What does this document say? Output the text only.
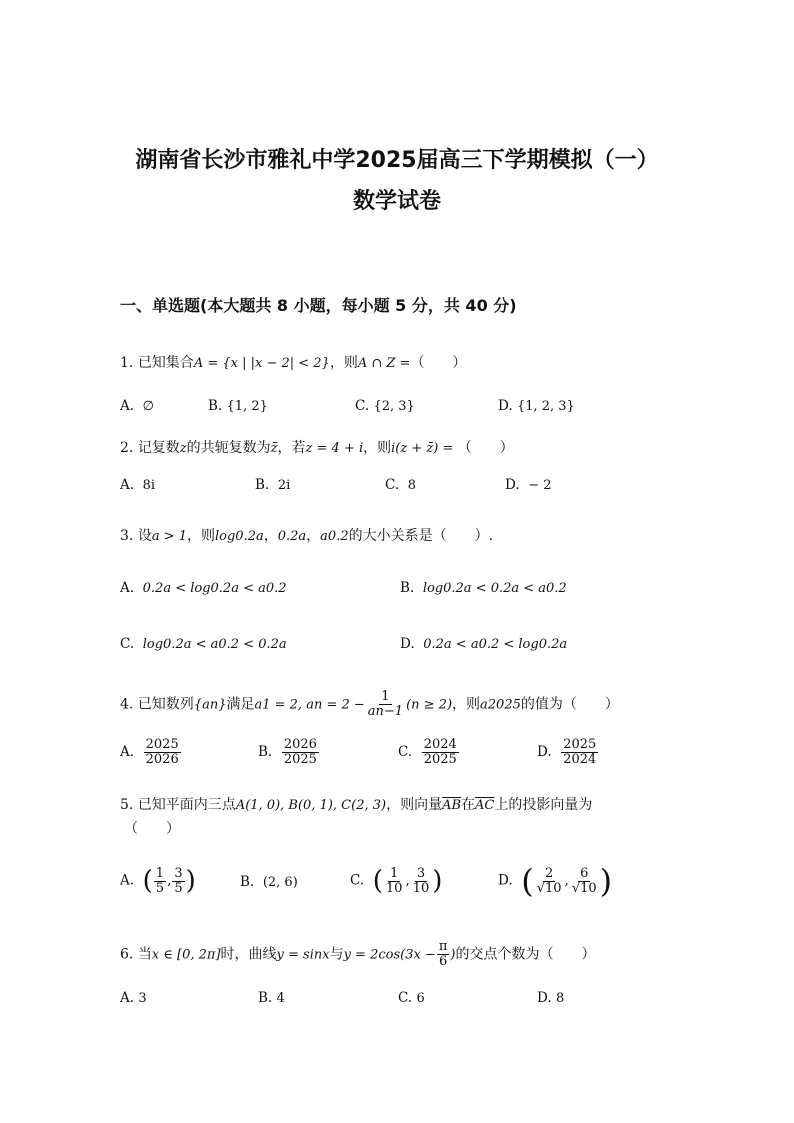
湖南省长沙市雅礼中学2025届高三下学期模拟（一）
数学试卷
一、单选题(本大题共 8 小题，每小题 5 分，共 40 分)
1. 已知集合A = {x | |x − 2| < 2}，则A ∩ Z =（　　）
A. ∅	B. {1, 2}	C. {2, 3}	D. {1, 2, 3}
2. 记复数z的共轭复数为z̄，若z = 4 + i，则i(z + z̄) = （　　）
A. 8i	B. 2i	C. 8	D. − 2
3. 设a > 1，则log0.2a，0.2a，a0.2的大小关系是（　　）.
A. 0.2a < log0.2a < a0.2	B. log0.2a < 0.2a < a0.2
C. log0.2a < a0.2 < 0.2a	D. 0.2a < a0.2 < log0.2a
4. 已知数列{an}满足a1 = 2, an = $2 - \frac{1}{an-1} (n \ge 2)$，则a2025的值为（　　）
A. $\frac{2025}{2026}$	B. $\frac{2026}{2025}$	C. $\frac{2024}{2025}$	D. $\frac{2025}{2024}$
5. 已知平面内三点A(1, 0), B(0, 1), C(2, 3)，则向量$\overline{AB}$在$\overline{AC}$上的投影向量为
（　　）
A. ( $\frac{1}{5}$ , $\frac{3}{5}$ )	B. (2, 6)	C. ( $\frac{1}{10}$ , $\frac{3}{10}$ )	D. ( $\frac{2}{√10}$ , $\frac{6}{√10}$ )
6. 当x ∈ [0, 2π]时，曲线y = sinx与$y = 2\cos(3x - \frac{\pi}{6}$ )的交点个数为（　　）
A. 3	B. 4	C. 6	D. 8
